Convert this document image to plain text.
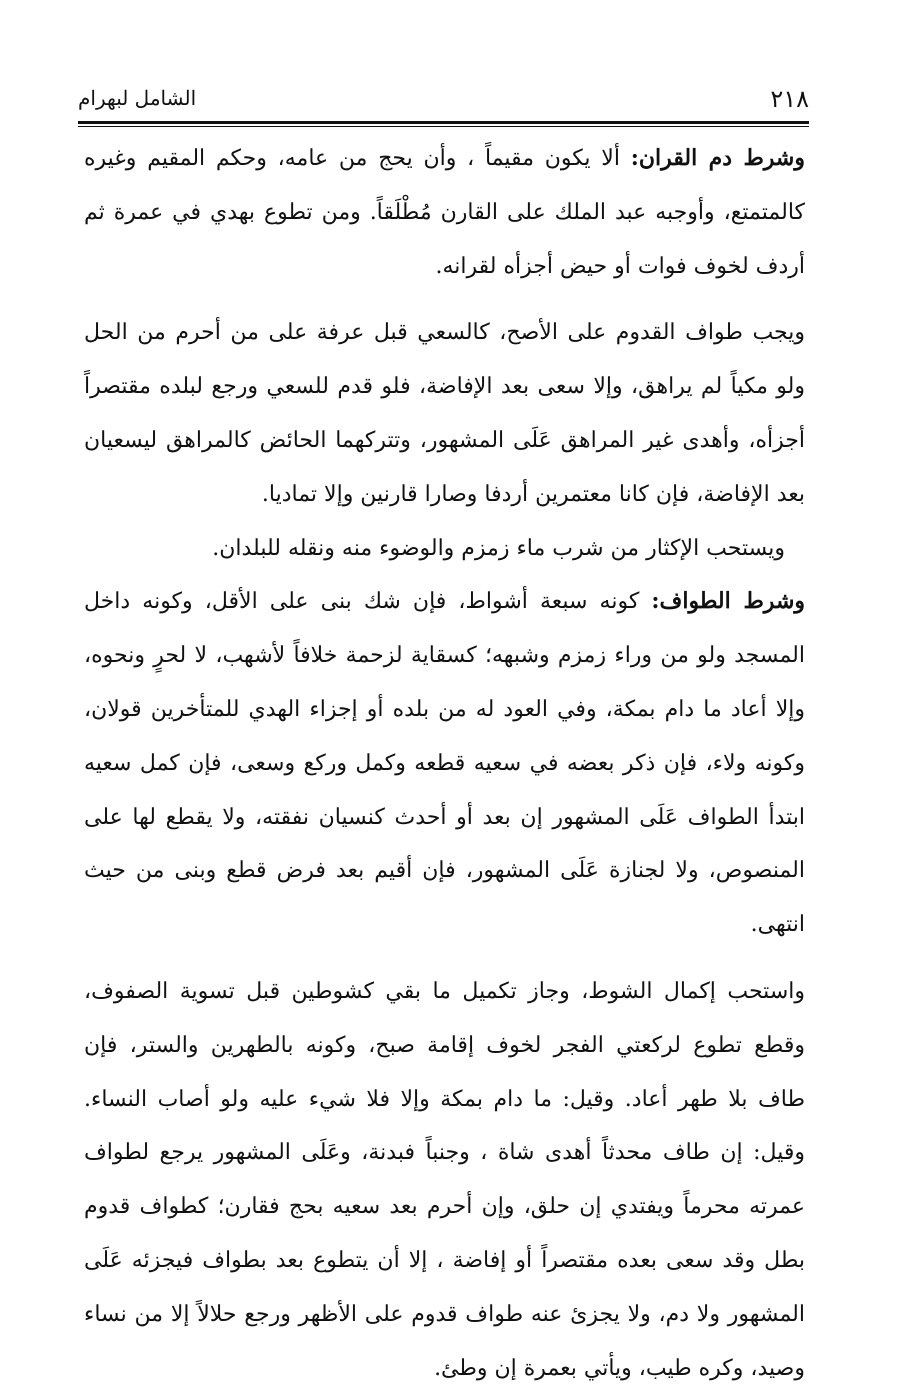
٢١٨
الشامل لبهرام

وشرط دم القران: ألا يكون مقيماً ، وأن يحج من عامه، وحكم المقيم وغيره كالمتمتع، وأوجبه عبد الملك على القارن مُطْلَقاً. ومن تطوع بهدي في عمرة ثم أردف لخوف فوات أو حيض أجزأه لقرانه.

ويجب طواف القدوم على الأصح، كالسعي قبل عرفة على من أحرم من الحل ولو مكياً لم يراهق، وإلا سعى بعد الإفاضة، فلو قدم للسعي ورجع لبلده مقتصراً أجزأه، وأهدى غير المراهق عَلَى المشهور، وتتركهما الحائض كالمراهق ليسعيان بعد الإفاضة، فإن كانا معتمرين أردفا وصارا قارنين وإلا تماديا.

ويستحب الإكثار من شرب ماء زمزم والوضوء منه ونقله للبلدان.

وشرط الطواف: كونه سبعة أشواط، فإن شك بنى على الأقل، وكونه داخل المسجد ولو من وراء زمزم وشبهه؛ كسقاية لزحمة خلافاً لأشهب، لا لحرٍ ونحوه، وإلا أعاد ما دام بمكة، وفي العود له من بلده أو إجزاء الهدي للمتأخرين قولان، وكونه ولاء، فإن ذكر بعضه في سعيه قطعه وكمل وركع وسعى، فإن كمل سعيه ابتدأ الطواف عَلَى المشهور إن بعد أو أحدث كنسيان نفقته، ولا يقطع لها على المنصوص، ولا لجنازة عَلَى المشهور، فإن أقيم بعد فرض قطع وبنى من حيث انتهى.

واستحب إكمال الشوط، وجاز تكميل ما بقي كشوطين قبل تسوية الصفوف، وقطع تطوع لركعتي الفجر لخوف إقامة صبح، وكونه بالطهرين والستر، فإن طاف بلا طهر أعاد. وقيل: ما دام بمكة وإلا فلا شيء عليه ولو أصاب النساء. وقيل: إن طاف محدثاً أهدى شاة ، وجنباً فبدنة، وعَلَى المشهور يرجع لطواف عمرته محرماً ويفتدي إن حلق، وإن أحرم بعد سعيه بحج فقارن؛ كطواف قدوم بطل وقد سعى بعده مقتصراً أو إفاضة ، إلا أن يتطوع بعد بطواف فيجزئه عَلَى المشهور ولا دم، ولا يجزئ عنه طواف قدوم على الأظهر ورجع حلالاً إلا من نساء وصيد، وكره طيب، ويأتي بعمرة إن وطئ.
